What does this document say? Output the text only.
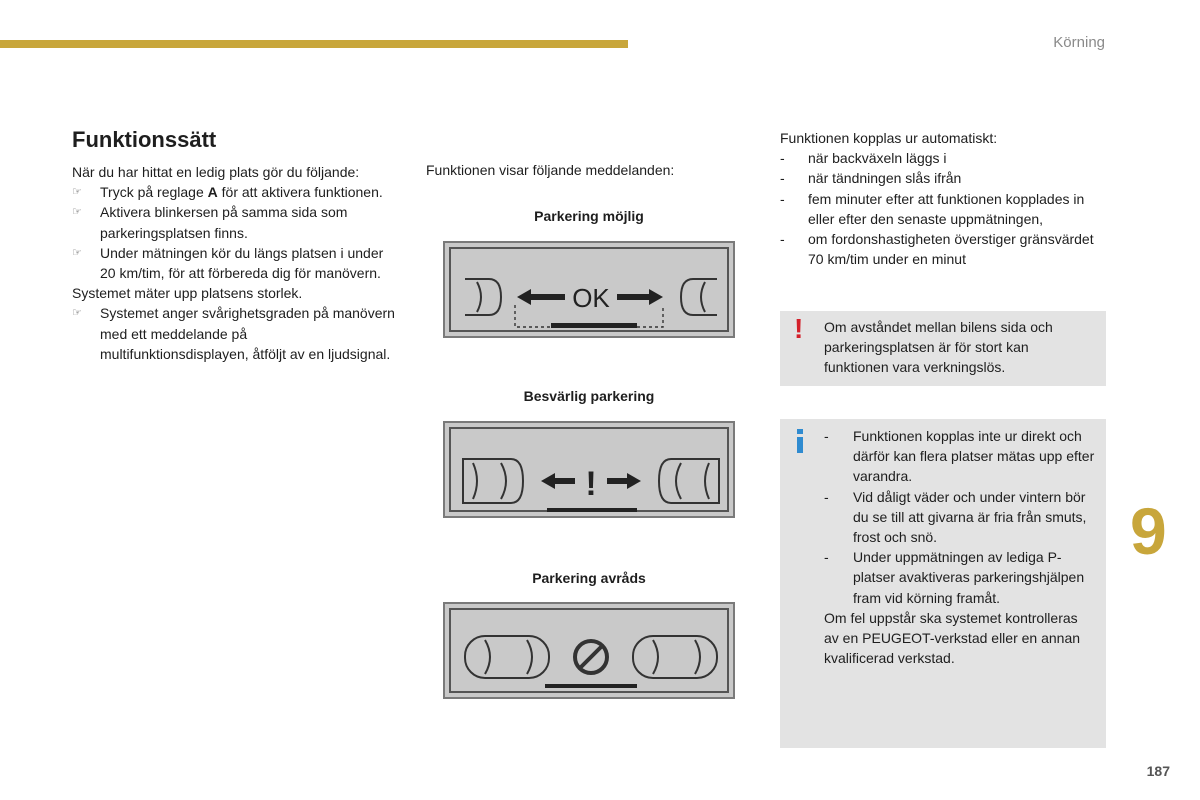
Körning
9
187
Funktionssätt

När du har hittat en ledig plats gör du följande:

☞ Tryck på reglage A för att aktivera funktionen.

☞ Aktivera blinkersen på samma sida som parkeringsplatsen finns.

☞ Under mätningen kör du längs platsen i under 20 km/tim, för att förbereda dig för manövern.

Systemet mäter upp platsens storlek.

☞ Systemet anger svårighetsgraden på manövern med ett meddelande på multifunktionsdisplayen, åtföljt av en ljudsignal.

Funktionen visar följande meddelanden:
Parkering möjlig
OK
Besvärlig parkering
!
Parkering avråds

Funktionen kopplas ur automatiskt:

- när backväxeln läggs i

- när tändningen slås ifrån

- fem minuter efter att funktionen kopplades in eller efter den senaste uppmätningen,

- om fordonshastigheten överstiger gränsvärdet 70 km/tim under en minut

! Om avståndet mellan bilens sida och parkeringsplatsen är för stort kan funktionen vara verkningslös.

- Funktionen kopplas inte ur direkt och därför kan flera platser mätas upp efter varandra.

- Vid dåligt väder och under vintern bör du se till att givarna är fria från smuts, frost och snö.

- Under uppmätningen av lediga P-platser avaktiveras parkeringshjälpen fram vid körning framåt.

Om fel uppstår ska systemet kontrolleras av en PEUGEOT-verkstad eller en annan kvalificerad verkstad.
